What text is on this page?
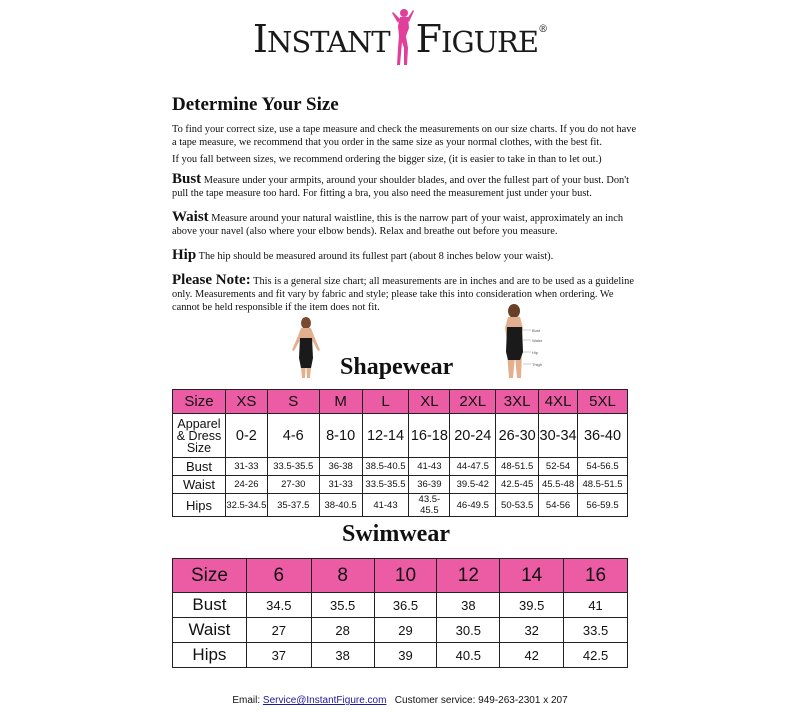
INSTANT FIGURE®
Determine Your Size
To find your correct size, use a tape measure and check the measurements on our size charts. If you do not have a tape measure, we recommend that you order in the same size as your normal clothes, with the best fit.
If you fall between sizes, we recommend ordering the bigger size, (it is easier to take in than to let out.)
Bust Measure under your armpits, around your shoulder blades, and over the fullest part of your bust. Don't pull the tape measure too hard. For fitting a bra, you also need the measurement just under your bust.
Waist Measure around your natural waistline, this is the narrow part of your waist, approximately an inch above your navel (also where your elbow bends). Relax and breathe out before you measure.
Hip The hip should be measured around its fullest part (about 8 inches below your waist).
Please Note: This is a general size chart; all measurements are in inches and are to be used as a guideline only. Measurements and fit vary by fabric and style; please take this into consideration when ordering. We cannot be held responsible if the item does not fit.
Bust
Waist
Hip
Thigh
Shapewear
Size	XS	S	M	L	XL	2XL	3XL	4XL	5XL
Apparel & Dress Size	0-2	4-6	8-10	12-14	16-18	20-24	26-30	30-34	36-40
Bust	31-33	33.5-35.5	36-38	38.5-40.5	41-43	44-47.5	48-51.5	52-54	54-56.5
Waist	24-26	27-30	31-33	33.5-35.5	36-39	39.5-42	42.5-45	45.5-48	48.5-51.5
Hips	32.5-34.5	35-37.5	38-40.5	41-43	43.5-45.5	46-49.5	50-53.5	54-56	56-59.5
Swimwear
Size	6	8	10	12	14	16
Bust	34.5	35.5	36.5	38	39.5	41
Waist	27	28	29	30.5	32	33.5
Hips	37	38	39	40.5	42	42.5
Email: Service@InstantFigure.com Customer service: 949-263-2301 x 207
